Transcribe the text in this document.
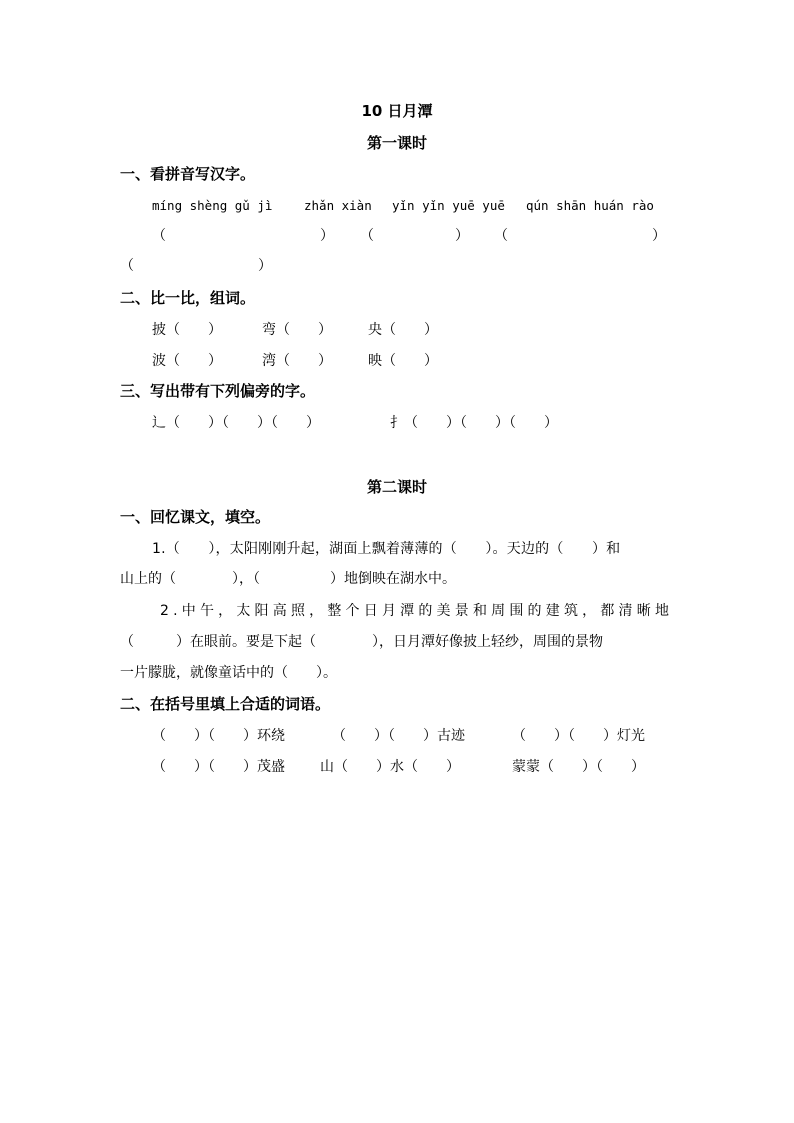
10 日月潭
第一课时
一、看拼音写汉字。
míng shèng gǔ jì	zhǎn xiàn yǐn yǐn yuē yuē qún shān huán rào
（	） （	） （	）
（	）
二、比一比，组词。
披（　　）	弯（　　）	央（　　）
波（　　）	湾（　　）	映（　　）
三、写出带有下列偏旁的字。
辶（　　）（　　）（　　）	扌（　　）（　　）（　　）
第二课时
一、回忆课文，填空。
1.（　　），太阳刚刚升起，湖面上飘着薄薄的（　　）。天边的（　　）和
山上的（　　　　），（　　　　　）地倒映在湖水中。
2.中午，太阳高照，整个日月潭的美景和周围的建筑，都清晰地
（　　　）在眼前。要是下起（　　　　），日月潭好像披上轻纱，周围的景物
一片朦胧，就像童话中的（　　）。
二、在括号里填上合适的词语。
（　　）（　　）环绕	（　　）（　　）古迹	（　　）（　　）灯光
（　　）（　　）茂盛	山（　　）水（　　）	蒙蒙（　　）（　　）
